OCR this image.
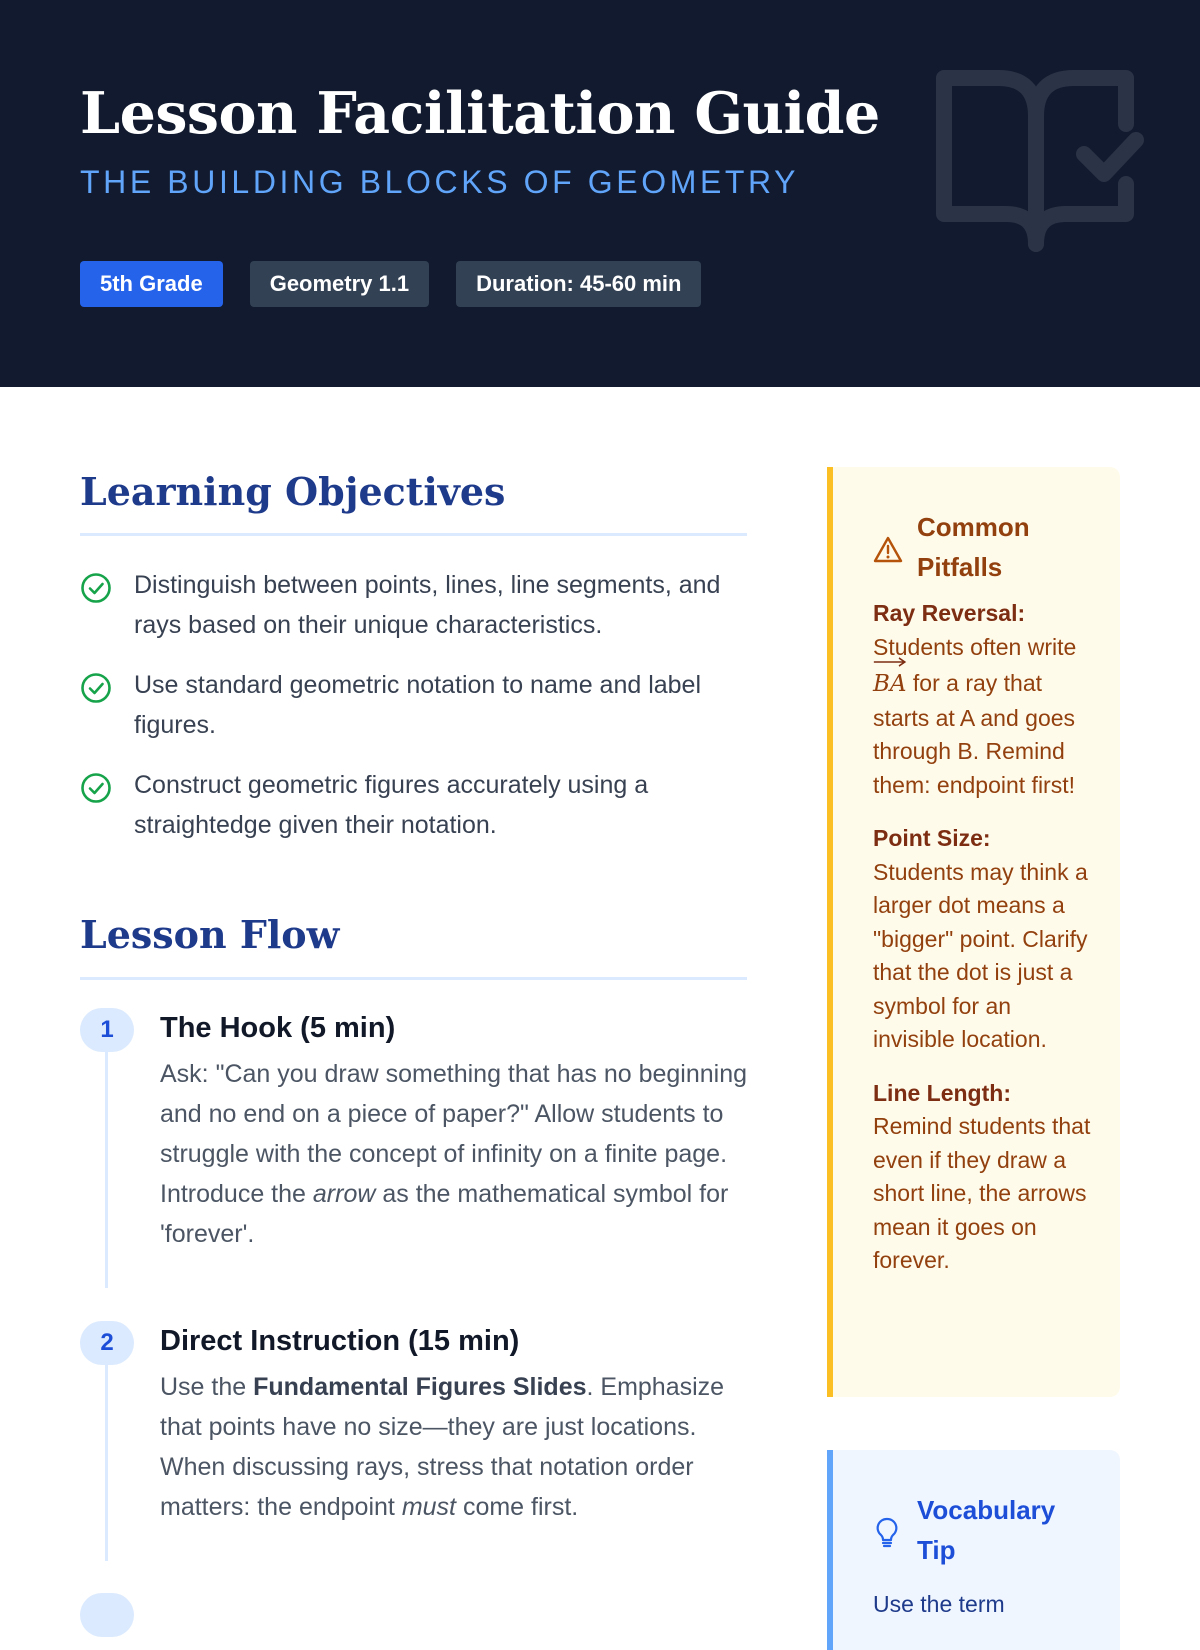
Lesson Facilitation Guide
THE BUILDING BLOCKS OF GEOMETRY
5th Grade	Geometry 1.1	Duration: 45-60 min
Learning Objectives
Distinguish between points, lines, line segments, and rays based on their unique characteristics.
Use standard geometric notation to name and label figures.
Construct geometric figures accurately using a straightedge given their notation.
Lesson Flow
1	The Hook (5 min)

Ask: "Can you draw something that has no beginning and no end on a piece of paper?" Allow students to struggle with the concept of infinity on a finite page. Introduce the arrow as the mathematical symbol for 'forever'.

2	Direct Instruction (15 min)

Use the Fundamental Figures Slides. Emphasize that points have no size—they are just locations. When discussing rays, stress that notation order matters: the endpoint must come first.

Common Pitfalls

Ray Reversal:
Students often write
BA for a ray that starts at A and goes through B. Remind them: endpoint first!

Point Size:
Students may think a larger dot means a "bigger" point. Clarify that the dot is just a symbol for an invisible location.

Line Length:
Remind students that even if they draw a short line, the arrows mean it goes on forever.

Vocabulary Tip
Use the term
